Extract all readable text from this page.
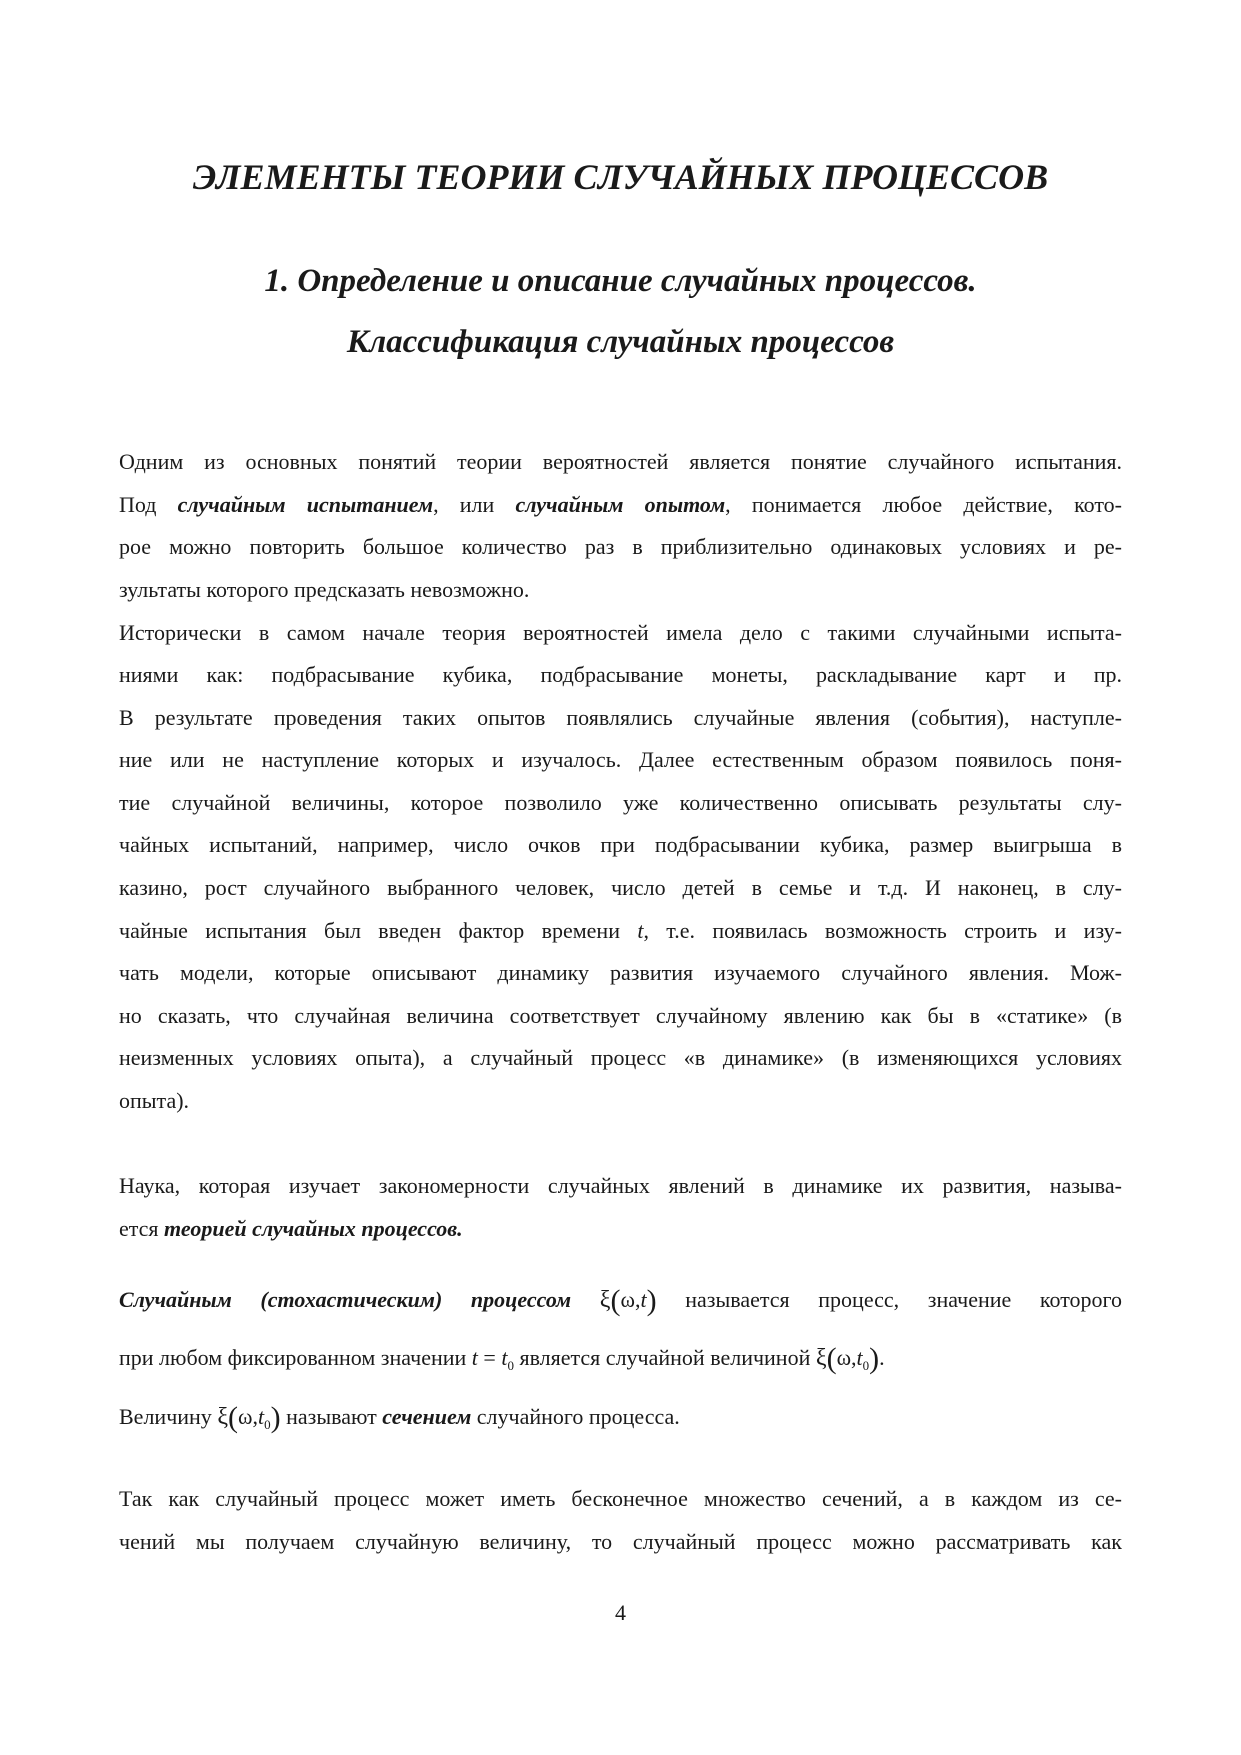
ЭЛЕМЕНТЫ ТЕОРИИ СЛУЧАЙНЫХ ПРОЦЕССОВ
1. Определение и описание случайных процессов.
Классификация случайных процессов

Одним из основных понятий теории вероятностей является понятие случайного испытания.

Под случайным испытанием, или случайным опытом, понимается любое действие, кото-

рое можно повторить большое количество раз в приблизительно одинаковых условиях и ре-

зультаты которого предсказать невозможно.

Исторически в самом начале теория вероятностей имела дело с такими случайными испыта-

ниями как: подбрасывание кубика, подбрасывание монеты, раскладывание карт и пр.

В результате проведения таких опытов появлялись случайные явления (события), наступле-

ние или не наступление которых и изучалось. Далее естественным образом появилось поня-

тие случайной величины, которое позволило уже количественно описывать результаты слу-

чайных испытаний, например, число очков при подбрасывании кубика, размер выигрыша в

казино, рост случайного выбранного человек, число детей в семье и т.д. И наконец, в слу-

чайные испытания был введен фактор времени t, т.е. появилась возможность строить и изу-

чать модели, которые описывают динамику развития изучаемого случайного явления. Мож-

но сказать, что случайная величина соответствует случайному явлению как бы в «статике» (в

неизменных условиях опыта), а случайный процесс «в динамике» (в изменяющихся условиях

опыта).

Наука, которая изучает закономерности случайных явлений в динамике их развития, называ-

ется теорией случайных процессов.

Случайным (стохастическим) процессом ξ(ω,t) называется процесс, значение которого

при любом фиксированном значении $t = t_0$ является случайной величиной $\xi(\omega,t_0)$.

Величину $\xi(\omega,t_0)$ называют сечением случайного процесса.

Так как случайный процесс может иметь бесконечное множество сечений, а в каждом из се-

чений мы получаем случайную величину, то случайный процесс можно рассматривать как

4
